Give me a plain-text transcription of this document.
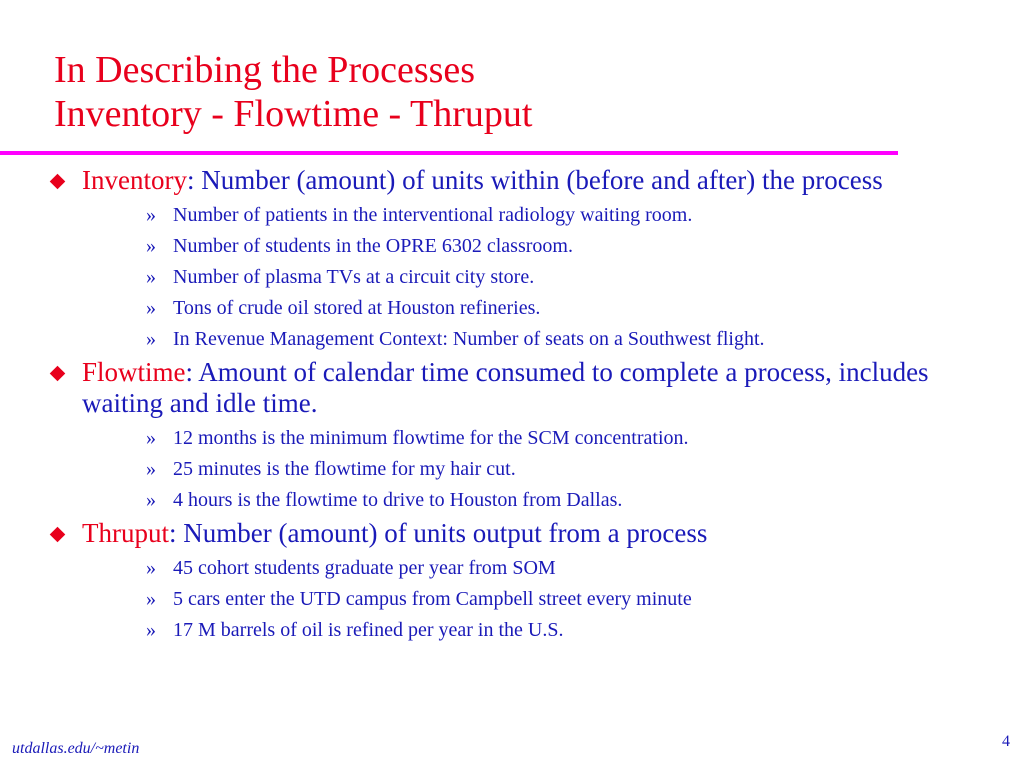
In Describing the Processes
Inventory - Flowtime - Thruput
Inventory: Number (amount) of units within (before and after) the process
» Number of patients in the interventional radiology waiting room.
» Number of students in the OPRE 6302 classroom.
» Number of plasma TVs at a circuit city store.
» Tons of crude oil stored at Houston refineries.
» In Revenue Management Context: Number of seats on a Southwest flight.
Flowtime: Amount of calendar time consumed to complete a process, includes waiting and idle time.
» 12 months is the minimum flowtime for the SCM concentration.
» 25 minutes is the flowtime for my hair cut.
» 4 hours is the flowtime to drive to Houston from Dallas.
Thruput: Number (amount) of units output from a process
» 45 cohort students graduate per year from SOM
» 5 cars enter the UTD campus from Campbell street every minute
» 17 M barrels of oil is refined per year in the U.S.
utdallas.edu/~metin	4
